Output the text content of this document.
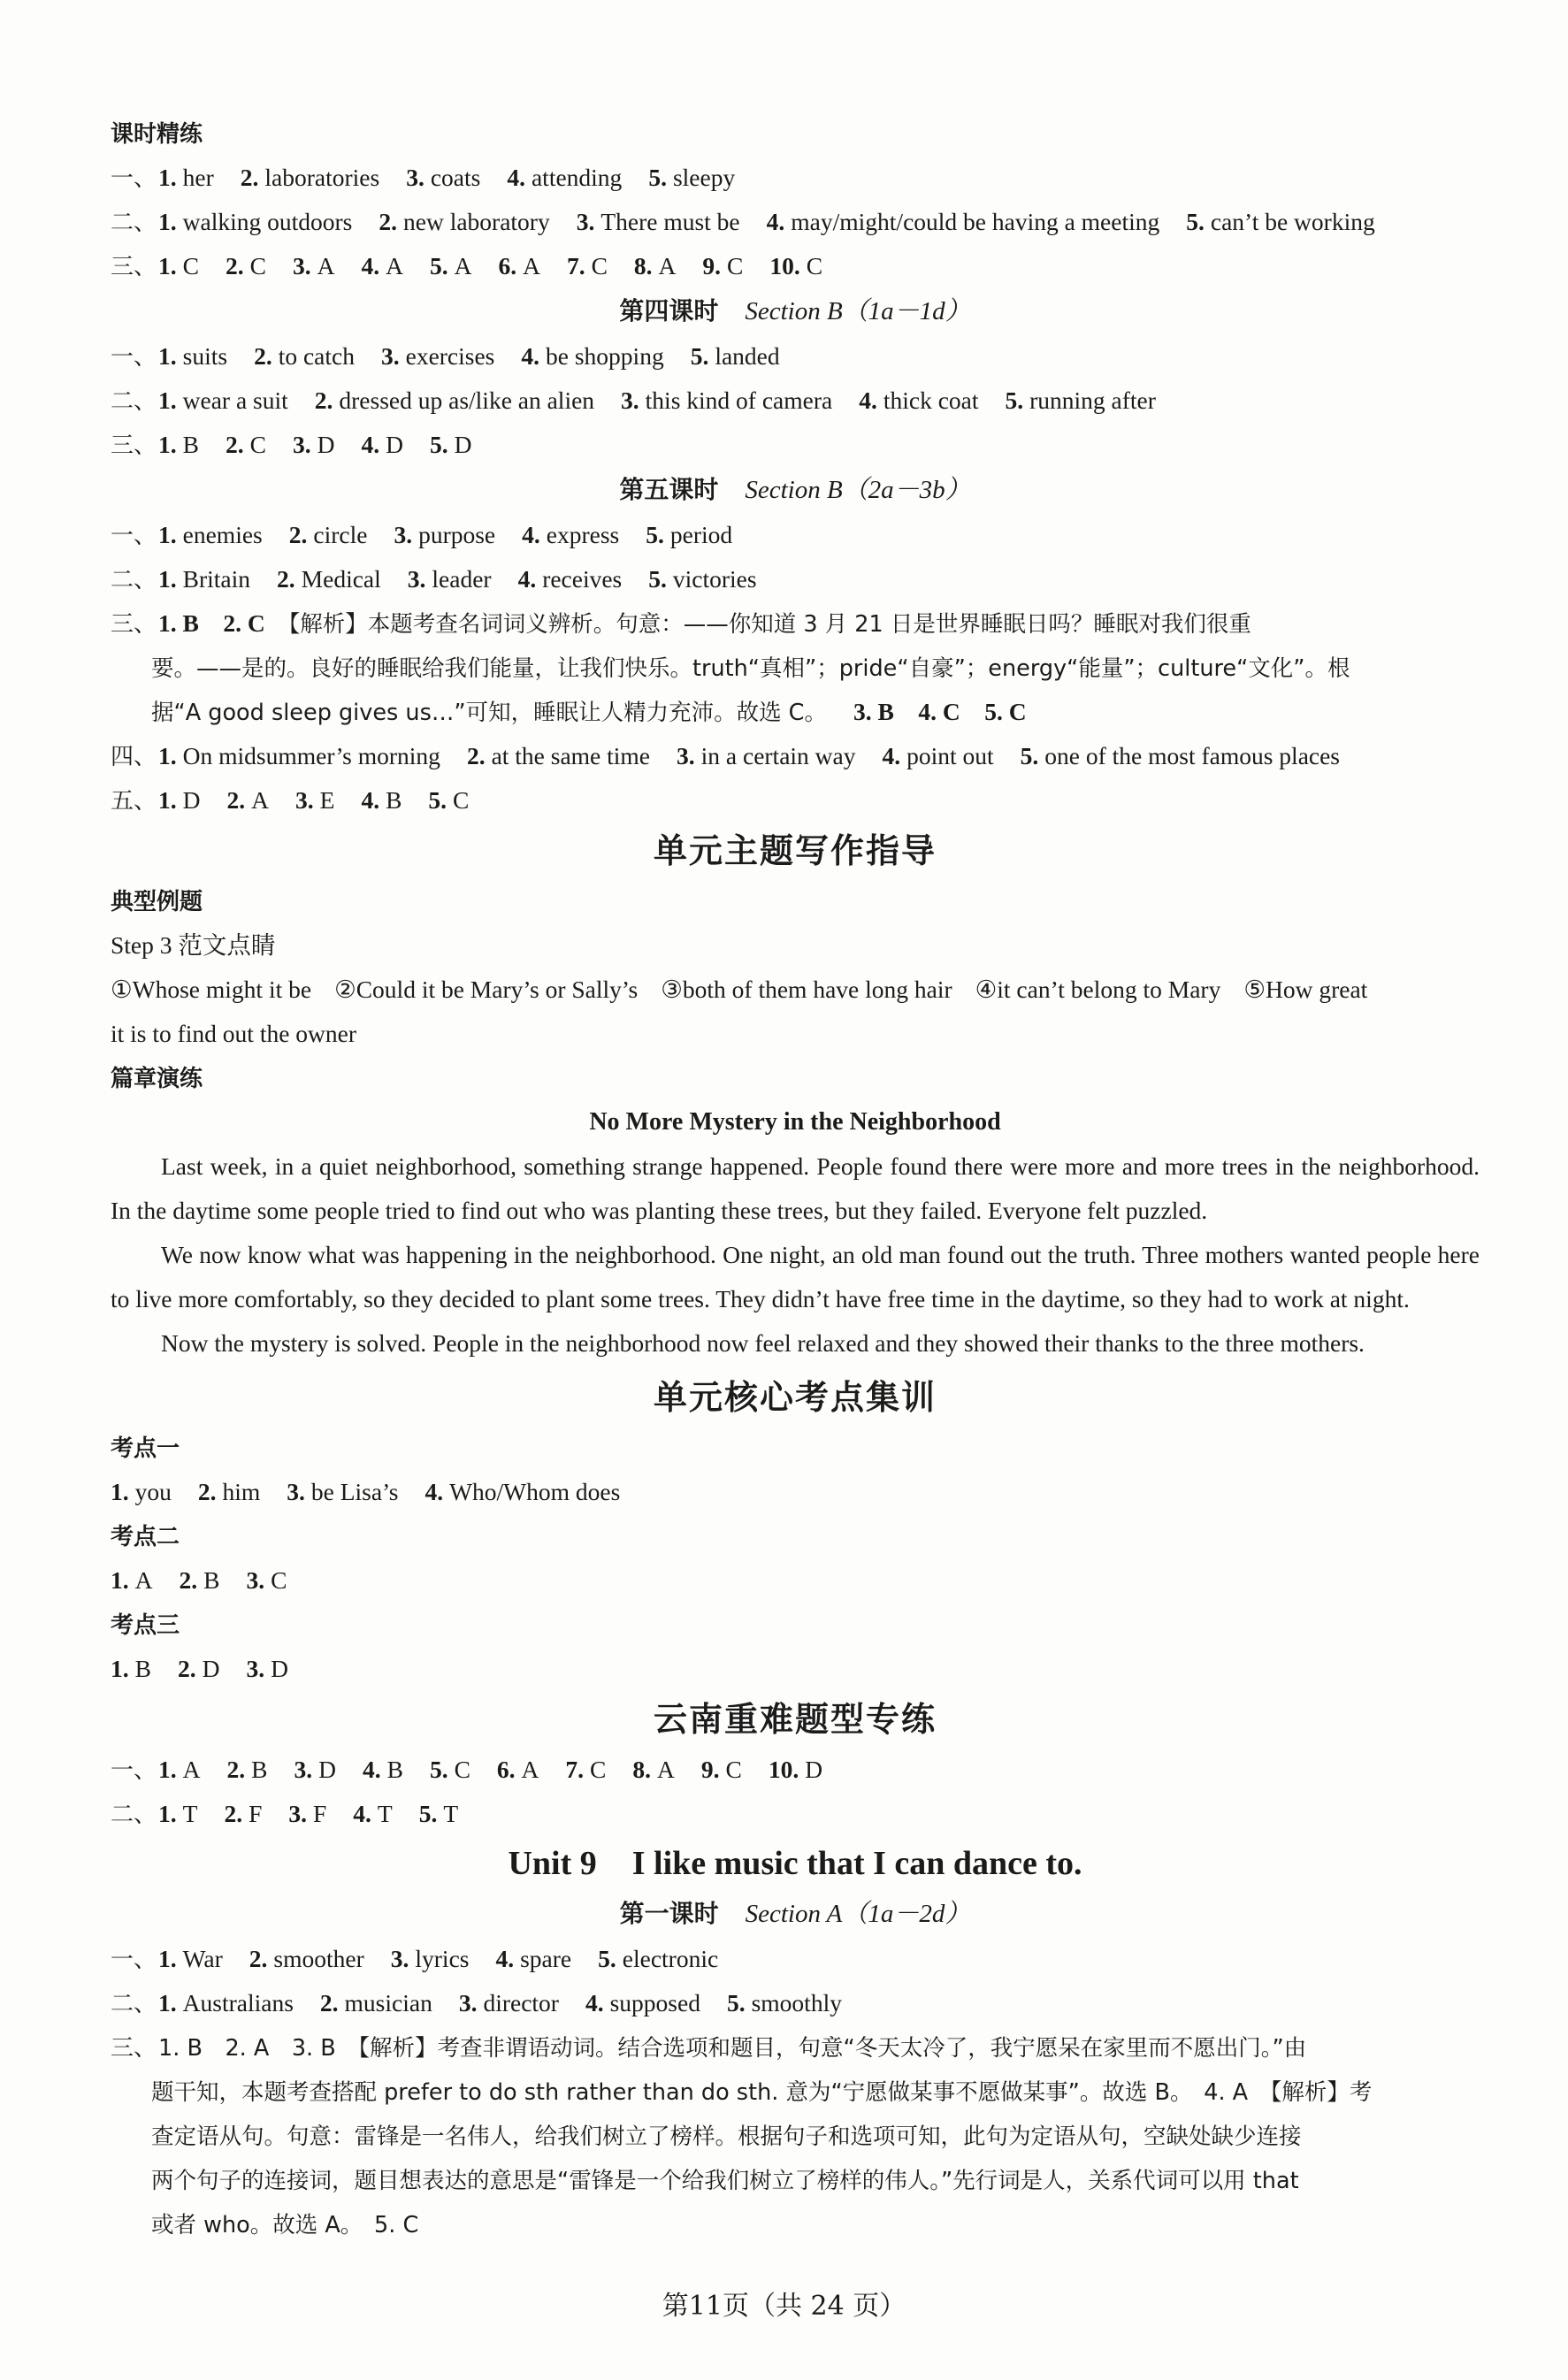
课时精练
一、1. her 2. laboratories 3. coats 4. attending 5. sleepy
二、1. walking outdoors 2. new laboratory 3. There must be 4. may/might/could be having a meeting 5. can’t be working
三、1. C 2. C 3. A 4. A 5. A 6. A 7. C 8. A 9. C 10. C
第四课时 Section B（1a－1d）
一、1. suits 2. to catch 3. exercises 4. be shopping 5. landed
二、1. wear a suit 2. dressed up as/like an alien 3. this kind of camera 4. thick coat 5. running after
三、1. B 2. C 3. D 4. D 5. D
第五课时 Section B（2a－3b）
一、1. enemies 2. circle 3. purpose 4. express 5. period
二、1. Britain 2. Medical 3. leader 4. receives 5. victories
三、1. B　2. C 【解析】本题考查名词词义辨析。句意：——你知道 3 月 21 日是世界睡眠日吗？睡眠对我们很重
要。——是的。良好的睡眠给我们能量，让我们快乐。truth“真相”；pride“自豪”；energy“能量”；culture“文化”。根
据“A good sleep gives us…”可知，睡眠让人精力充沛。故选 C。 3. B　4. C　5. C
四、1. On midsummer’s morning 2. at the same time 3. in a certain way 4. point out 5. one of the most famous places
五、1. D 2. A 3. E 4. B 5. C
单元主题写作指导
典型例题
Step 3 范文点睛
①Whose might it be ②Could it be Mary’s or Sally’s ③both of them have long hair ④it can’t belong to Mary ⑤How great
it is to find out the owner
篇章演练
No More Mystery in the Neighborhood
Last week, in a quiet neighborhood, something strange happened. People found there were more and more trees in the neighborhood. In the daytime some people tried to find out who was planting these trees, but they failed. Everyone felt puzzled.
We now know what was happening in the neighborhood. One night, an old man found out the truth. Three mothers wanted people here to live more comfortably, so they decided to plant some trees. They didn’t have free time in the daytime, so they had to work at night.
Now the mystery is solved. People in the neighborhood now feel relaxed and they showed their thanks to the three mothers.
单元核心考点集训
考点一
1. you 2. him 3. be Lisa’s 4. Who/Whom does
考点二
1. A 2. B 3. C
考点三
1. B 2. D 3. D
云南重难题型专练
一、1. A 2. B 3. D 4. B 5. C 6. A 7. C 8. A 9. C 10. D
二、1. T 2. F 3. F 4. T 5. T
Unit 9 I like music that I can dance to.
第一课时 Section A（1a－2d）
一、1. War 2. smoother 3. lyrics 4. spare 5. electronic
二、1. Australians 2. musician 3. director 4. supposed 5. smoothly
三、1. B　2. A　3. B　【解析】考查非谓语动词。结合选项和题目，句意“冬天太冷了，我宁愿呆在家里而不愿出门。”由
题干知，本题考查搭配 prefer to do sth rather than do sth. 意为“宁愿做某事不愿做某事”。故选 B。　4. A　【解析】考
查定语从句。句意：雷锋是一名伟人，给我们树立了榜样。根据句子和选项可知，此句为定语从句，空缺处缺少连接
两个句子的连接词，题目想表达的意思是“雷锋是一个给我们树立了榜样的伟人。”先行词是人，关系代词可以用 that
或者 who。故选 A。　5. C
第11页（共 24 页）
